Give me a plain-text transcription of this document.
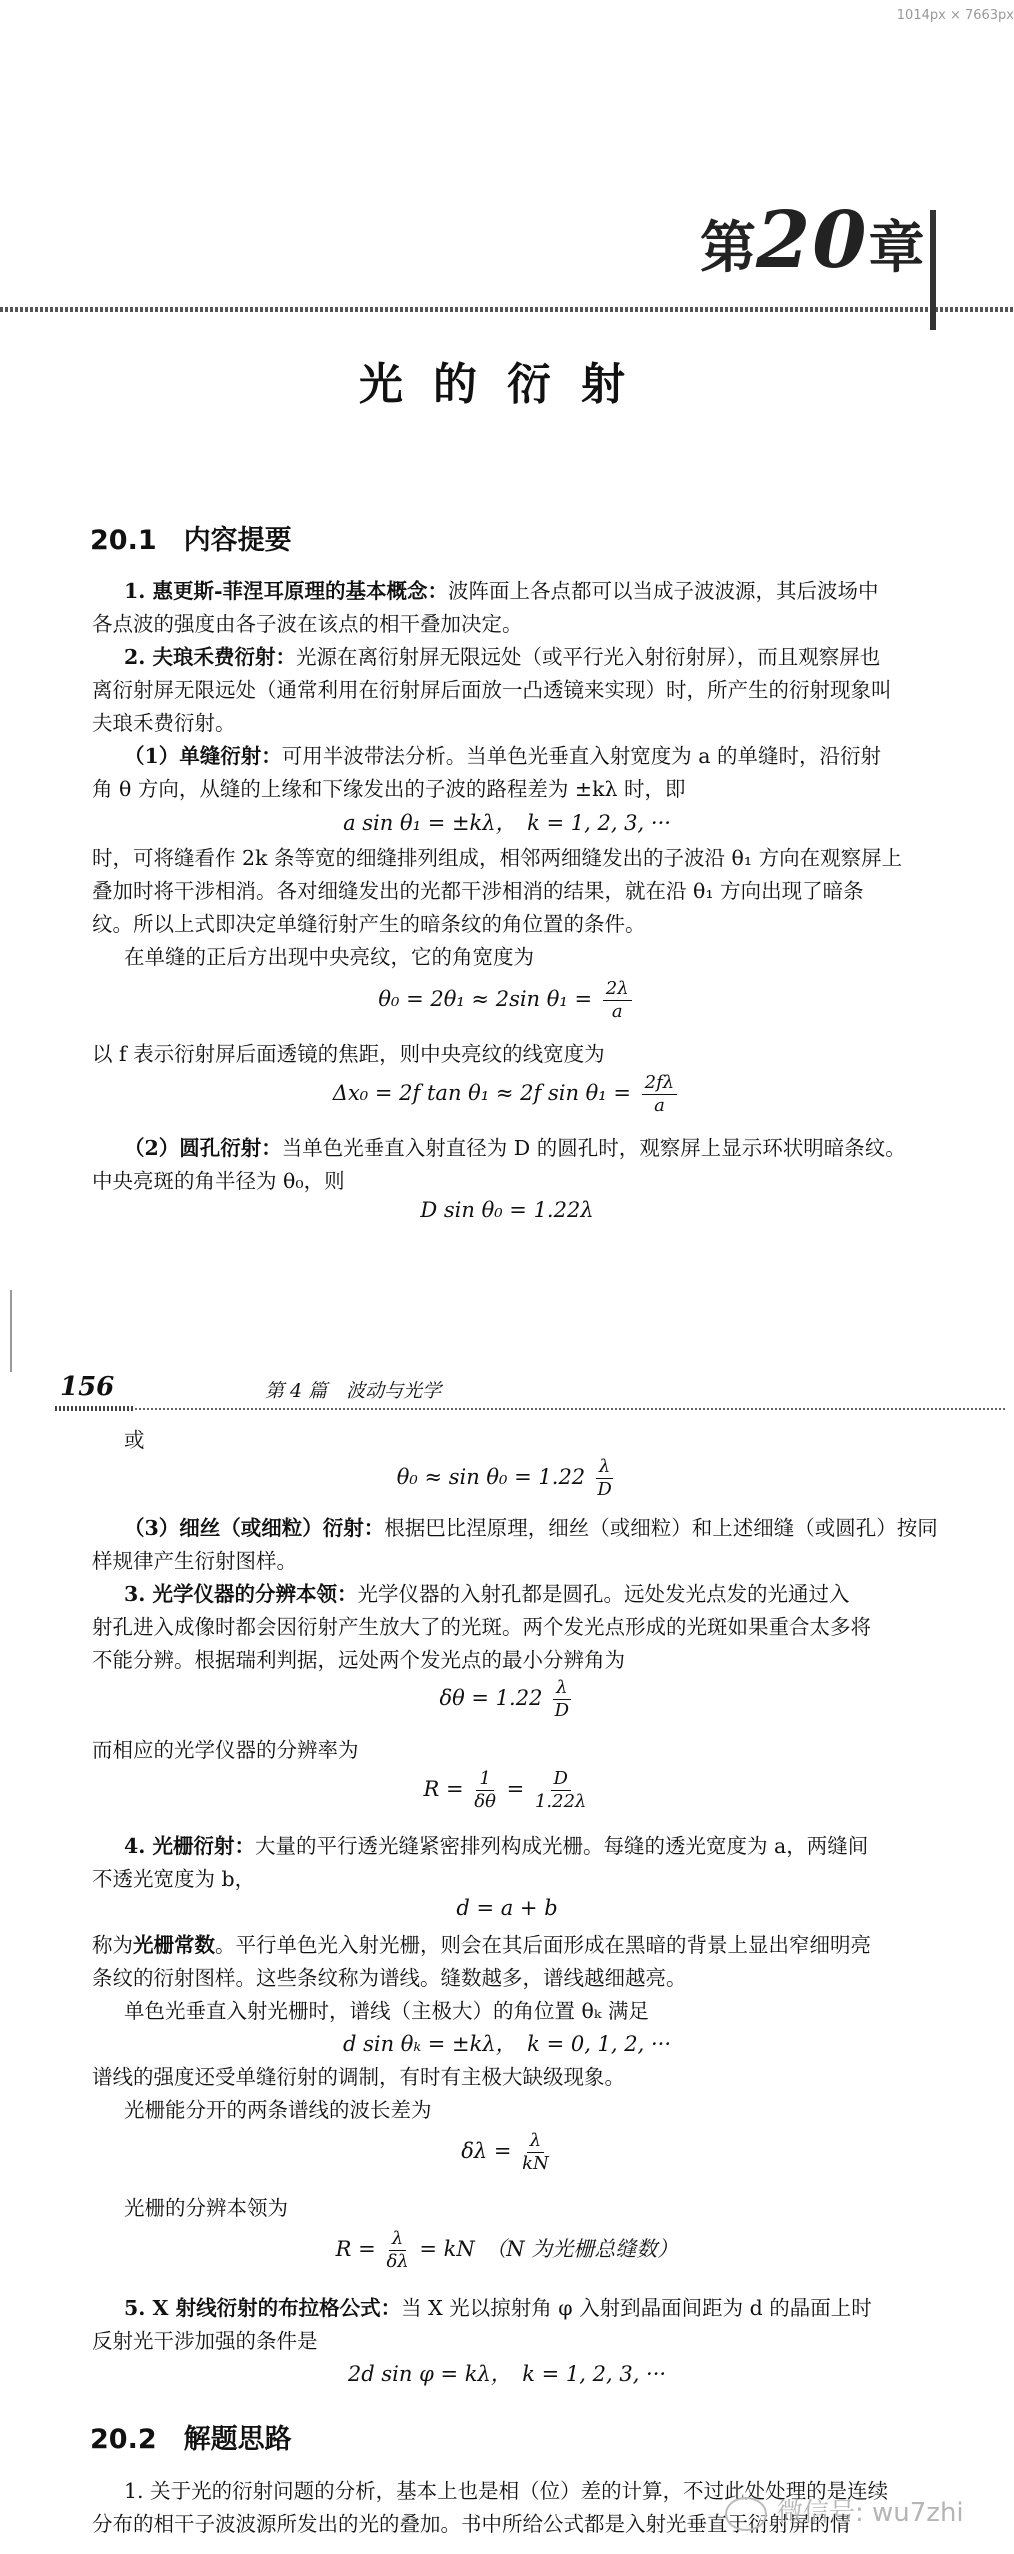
1014px × 7663px
第20章
光的衍射
20.1　内容提要
1. 惠更斯-菲涅耳原理的基本概念：波阵面上各点都可以当成子波波源，其后波场中
各点波的强度由各子波在该点的相干叠加决定。
2. 夫琅禾费衍射：光源在离衍射屏无限远处（或平行光入射衍射屏），而且观察屏也
离衍射屏无限远处（通常利用在衍射屏后面放一凸透镜来实现）时，所产生的衍射现象叫
夫琅禾费衍射。
（1）单缝衍射：可用半波带法分析。当单色光垂直入射宽度为 a 的单缝时，沿衍射
角 θ 方向，从缝的上缘和下缘发出的子波的路程差为 ±kλ 时，即
a sin θ₁ = ±kλ，　k = 1, 2, 3, ···
时，可将缝看作 2k 条等宽的细缝排列组成，相邻两细缝发出的子波沿 θ₁ 方向在观察屏上
叠加时将干涉相消。各对细缝发出的光都干涉相消的结果，就在沿 θ₁ 方向出现了暗条
纹。所以上式即决定单缝衍射产生的暗条纹的角位置的条件。
在单缝的正后方出现中央亮纹，它的角宽度为
θ₀ = 2θ₁ ≈ 2sin $\theta_1 = \frac{2\lambda}{a}$
以 f 表示衍射屏后面透镜的焦距，则中央亮纹的线宽度为
Δx₀ = 2f tan θ₁ ≈ 2f $\sin \theta_1 = \frac{2f\lambda}{a}$
（2）圆孔衍射：当单色光垂直入射直径为 D 的圆孔时，观察屏上显示环状明暗条纹。
中央亮斑的角半径为 θ₀，则
D sin θ₀ = 1.22λ
156	第 4 篇　波动与光学
或
$\theta_0 \approx \sin \theta_0 = 1.22 \frac{\lambda}{D}$
（3）细丝（或细粒）衍射：根据巴比涅原理，细丝（或细粒）和上述细缝（或圆孔）按同
样规律产生衍射图样。
3. 光学仪器的分辨本领：光学仪器的入射孔都是圆孔。远处发光点发的光通过入
射孔进入成像时都会因衍射产生放大了的光斑。两个发光点形成的光斑如果重合太多将
不能分辨。根据瑞利判据，远处两个发光点的最小分辨角为
$\delta\theta = 1.22 \frac{\lambda}{D}$
而相应的光学仪器的分辨率为
$R = \frac{1}{\delta\theta} = \frac{D}{1.22\lambda}$
4. 光栅衍射：大量的平行透光缝紧密排列构成光栅。每缝的透光宽度为 a，两缝间
不透光宽度为 b，
d = a + b
称为光栅常数。平行单色光入射光栅，则会在其后面形成在黑暗的背景上显出窄细明亮
条纹的衍射图样。这些条纹称为谱线。缝数越多，谱线越细越亮。
单色光垂直入射光栅时，谱线（主极大）的角位置 θₖ 满足
d sin θₖ = ±kλ，　k = 0, 1, 2, ···
谱线的强度还受单缝衍射的调制，有时有主极大缺级现象。
光栅能分开的两条谱线的波长差为
$\delta\lambda = \frac{\lambda}{kN}$
光栅的分辨本领为
$R = \frac{\lambda}{\delta\lambda}$ = kN　（N 为光栅总缝数）
5. X 射线衍射的布拉格公式：当 X 光以掠射角 φ 入射到晶面间距为 d 的晶面上时
反射光干涉加强的条件是
2d sin φ = kλ，　k = 1, 2, 3, ···
20.2　解题思路
1. 关于光的衍射问题的分析，基本上也是相（位）差的计算，不过此处处理的是连续
分布的相干子波波源所发出的光的叠加。书中所给公式都是入射光垂直于衍射屏的情
微信号: wu7zhi
